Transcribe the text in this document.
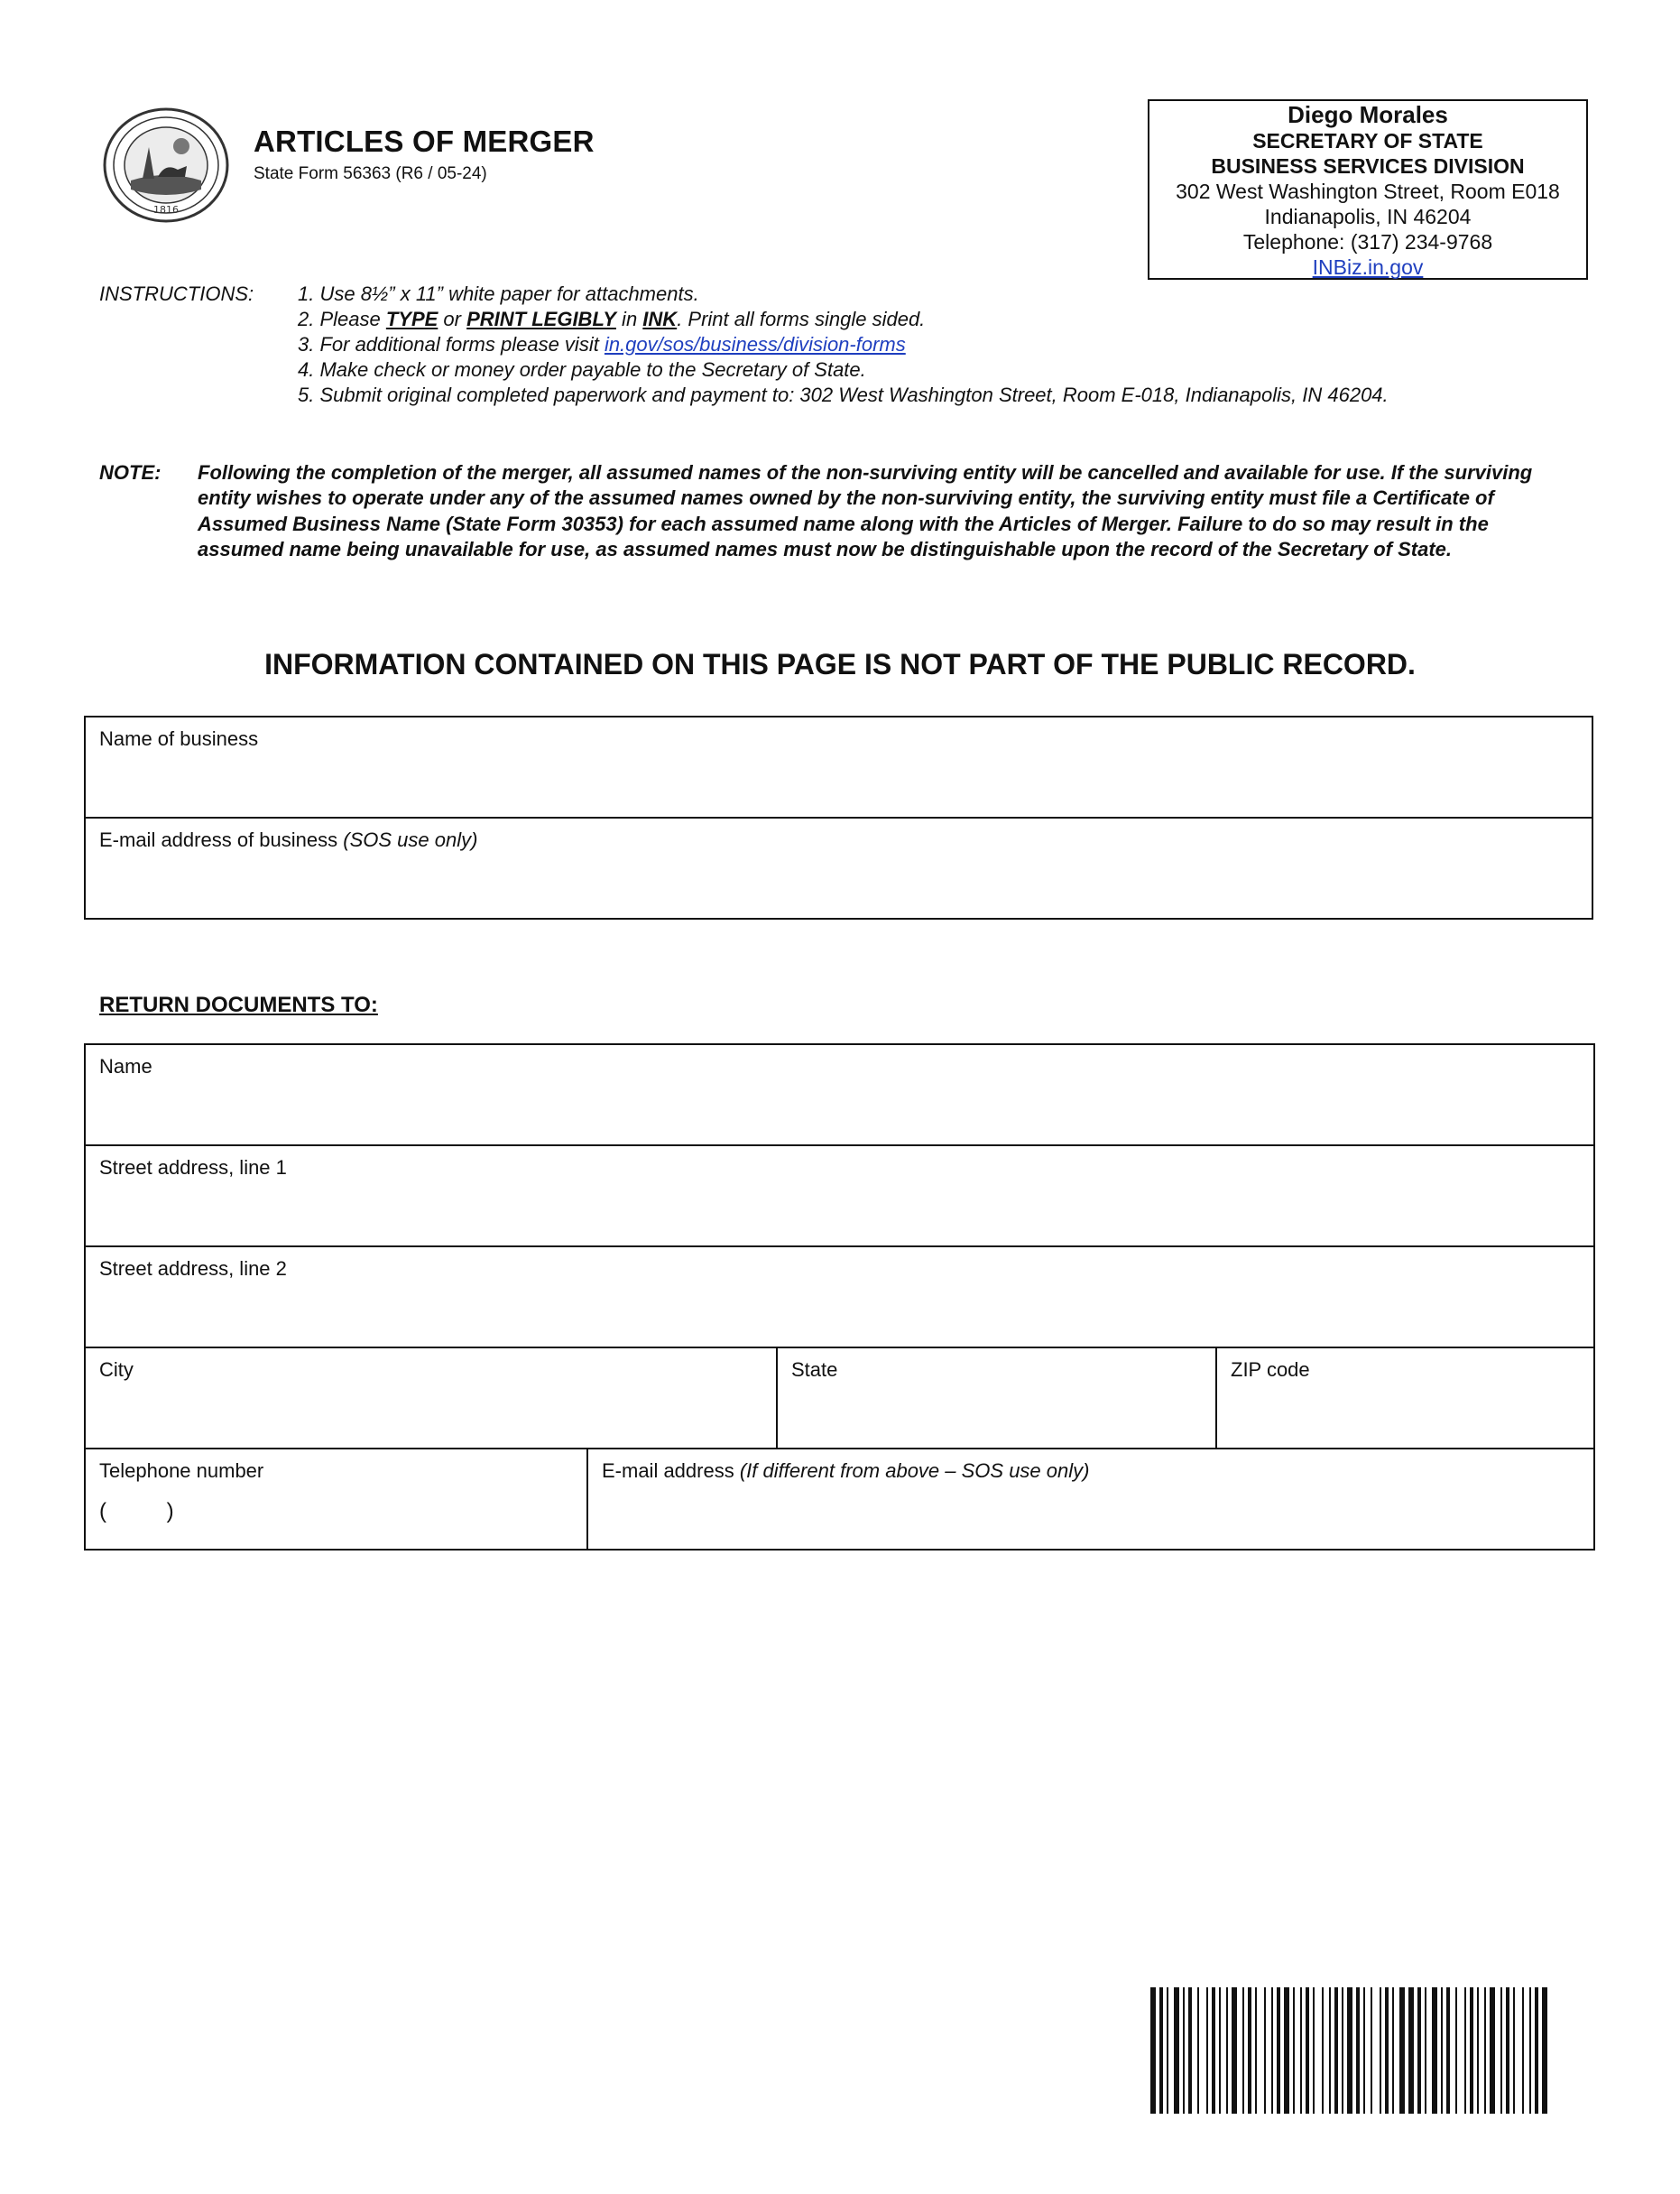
1816
ARTICLES OF MERGER
State Form 56363 (R6 / 05-24)
Diego Morales
SECRETARY OF STATE
BUSINESS SERVICES DIVISION
302 West Washington Street, Room E018
Indianapolis, IN 46204
Telephone: (317) 234-9768
INBiz.in.gov
INSTRUCTIONS: 1. Use 8½” x 11” white paper for attachments.
2. Please TYPE or PRINT LEGIBLY in INK. Print all forms single sided.
3. For additional forms please visit in.gov/sos/business/division-forms
4. Make check or money order payable to the Secretary of State.
5. Submit original completed paperwork and payment to: 302 West Washington Street, Room E-018, Indianapolis, IN 46204.
NOTE: Following the completion of the merger, all assumed names of the non-surviving entity will be cancelled and available for use. If the surviving entity wishes to operate under any of the assumed names owned by the non-surviving entity, the surviving entity must file a Certificate of Assumed Business Name (State Form 30353) for each assumed name along with the Articles of Merger. Failure to do so may result in the assumed name being unavailable for use, as assumed names must now be distinguishable upon the record of the Secretary of State.
INFORMATION CONTAINED ON THIS PAGE IS NOT PART OF THE PUBLIC RECORD.
Name of business
E-mail address of business (SOS use only)
RETURN DOCUMENTS TO:
Name			
Street address, line 1			
Street address, line 2			
City		State	ZIP code

Telephone number
(          )	E-mail address (If different from above – SOS use only)		
